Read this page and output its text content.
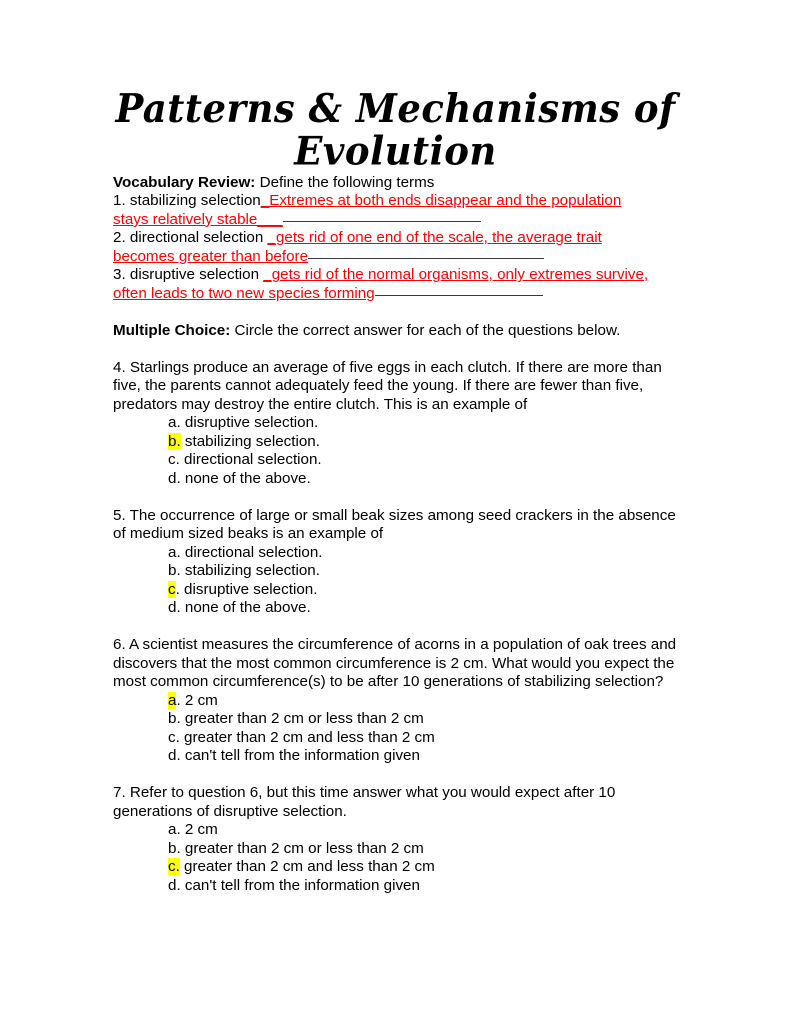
Patterns & Mechanisms of Evolution

Vocabulary Review: Define the following terms

1. stabilizing selection_Extremes at both ends disappear and the population

stays relatively stable___

2. directional selection _gets rid of one end of the scale, the average trait

becomes greater than before

3. disruptive selection _gets rid of the normal organisms, only extremes survive,

often leads to two new species forming

Multiple Choice: Circle the correct answer for each of the questions below.

4. Starlings produce an average of five eggs in each clutch. If there are more than five, the parents cannot adequately feed the young. If there are fewer than five, predators may destroy the entire clutch. This is an example of

a. disruptive selection.
b. stabilizing selection.
c. directional selection.
d. none of the above.

5. The occurrence of large or small beak sizes among seed crackers in the absence of medium sized beaks is an example of

a. directional selection.
b. stabilizing selection.
c. disruptive selection.
d. none of the above.

6. A scientist measures the circumference of acorns in a population of oak trees and discovers that the most common circumference is 2 cm. What would you expect the most common circumference(s) to be after 10 generations of stabilizing selection?

a. 2 cm
b. greater than 2 cm or less than 2 cm
c. greater than 2 cm and less than 2 cm
d. can't tell from the information given

7. Refer to question 6, but this time answer what you would expect after 10 generations of disruptive selection.

a. 2 cm
b. greater than 2 cm or less than 2 cm
c. greater than 2 cm and less than 2 cm
d. can't tell from the information given
